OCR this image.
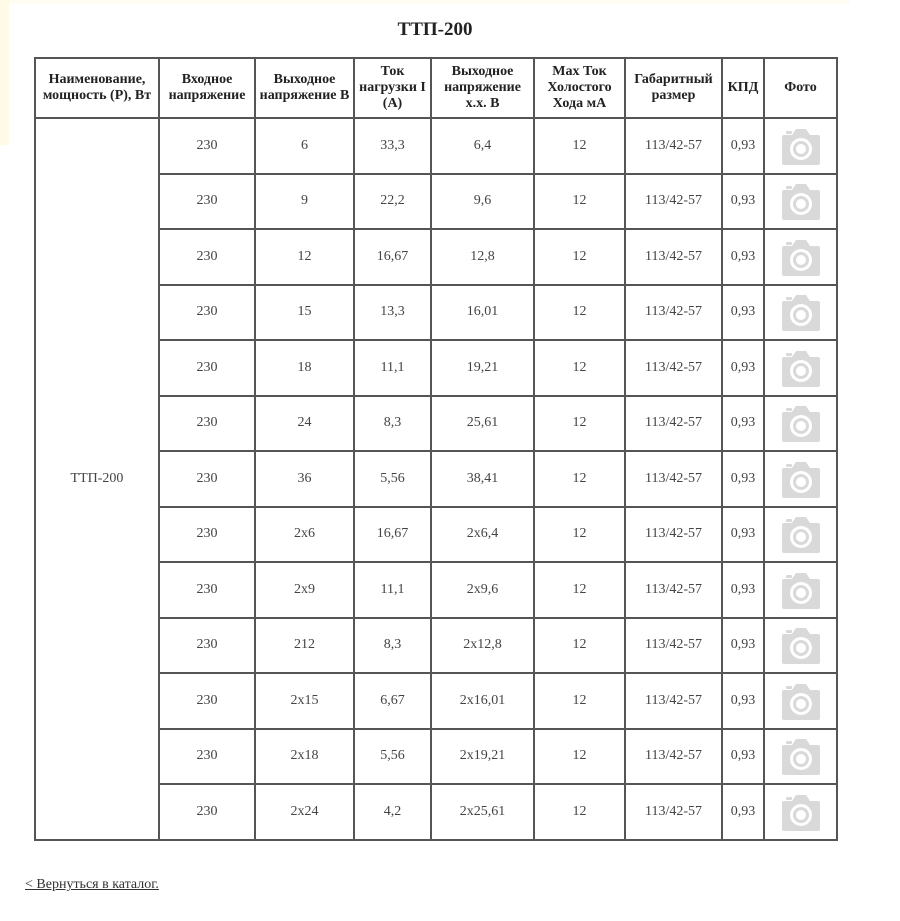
ТТП-200
Наименование, мощность (P), Вт	Входное напряжение	Выходное напряжение В	Ток нагрузки I (А)	Выходное напряжение х.х. В	Max Ток Холостого Хода мА	Габаритный размер	КПД	Фото
ТТП-200	230	6	33,3	6,4	12	113/42-57	0,93	
	230	9	22,2	9,6	12	113/42-57	0,93	
	230	12	16,67	12,8	12	113/42-57	0,93	
	230	15	13,3	16,01	12	113/42-57	0,93	
	230	18	11,1	19,21	12	113/42-57	0,93	
	230	24	8,3	25,61	12	113/42-57	0,93	
	230	36	5,56	38,41	12	113/42-57	0,93	
	230	2х6	16,67	2х6,4	12	113/42-57	0,93	
	230	2х9	11,1	2х9,6	12	113/42-57	0,93	
	230	212	8,3	2х12,8	12	113/42-57	0,93	
	230	2х15	6,67	2х16,01	12	113/42-57	0,93	
	230	2х18	5,56	2х19,21	12	113/42-57	0,93	
	230	2х24	4,2	2х25,61	12	113/42-57	0,93	
< Вернуться в каталог.
